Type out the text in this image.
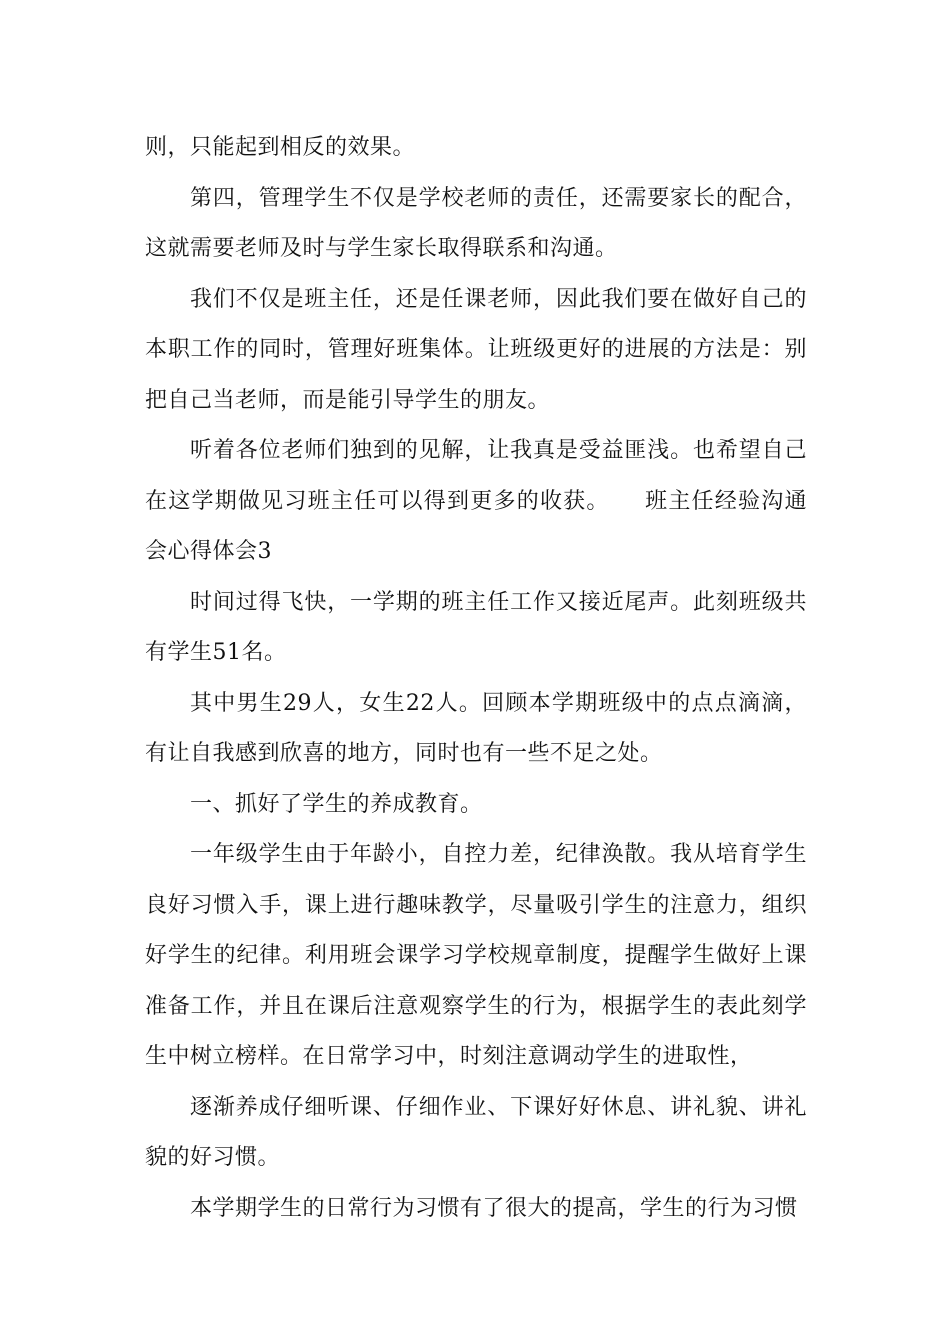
则，只能起到相反的效果。

第四，管理学生不仅是学校老师的责任，还需要家长的配合，这就需要老师及时与学生家长取得联系和沟通。

我们不仅是班主任，还是任课老师，因此我们要在做好自己的本职工作的同时，管理好班集体。让班级更好的进展的方法是：别把自己当老师，而是能引导学生的朋友。

听着各位老师们独到的见解，让我真是受益匪浅。也希望自己在这学期做见习班主任可以得到更多的收获。　　班主任经验沟通会心得体会3

时间过得飞快，一学期的班主任工作又接近尾声。此刻班级共有学生51名。

其中男生29人，女生22人。回顾本学期班级中的点点滴滴，有让自我感到欣喜的地方，同时也有一些不足之处。

一、抓好了学生的养成教育。

一年级学生由于年龄小，自控力差，纪律涣散。我从培育学生良好习惯入手，课上进行趣味教学，尽量吸引学生的注意力，组织好学生的纪律。利用班会课学习学校规章制度，提醒学生做好上课准备工作，并且在课后注意观察学生的行为，根据学生的表此刻学生中树立榜样。在日常学习中，时刻注意调动学生的进取性，

逐渐养成仔细听课、仔细作业、下课好好休息、讲礼貌、讲礼貌的好习惯。

本学期学生的日常行为习惯有了很大的提高，学生的行为习惯
